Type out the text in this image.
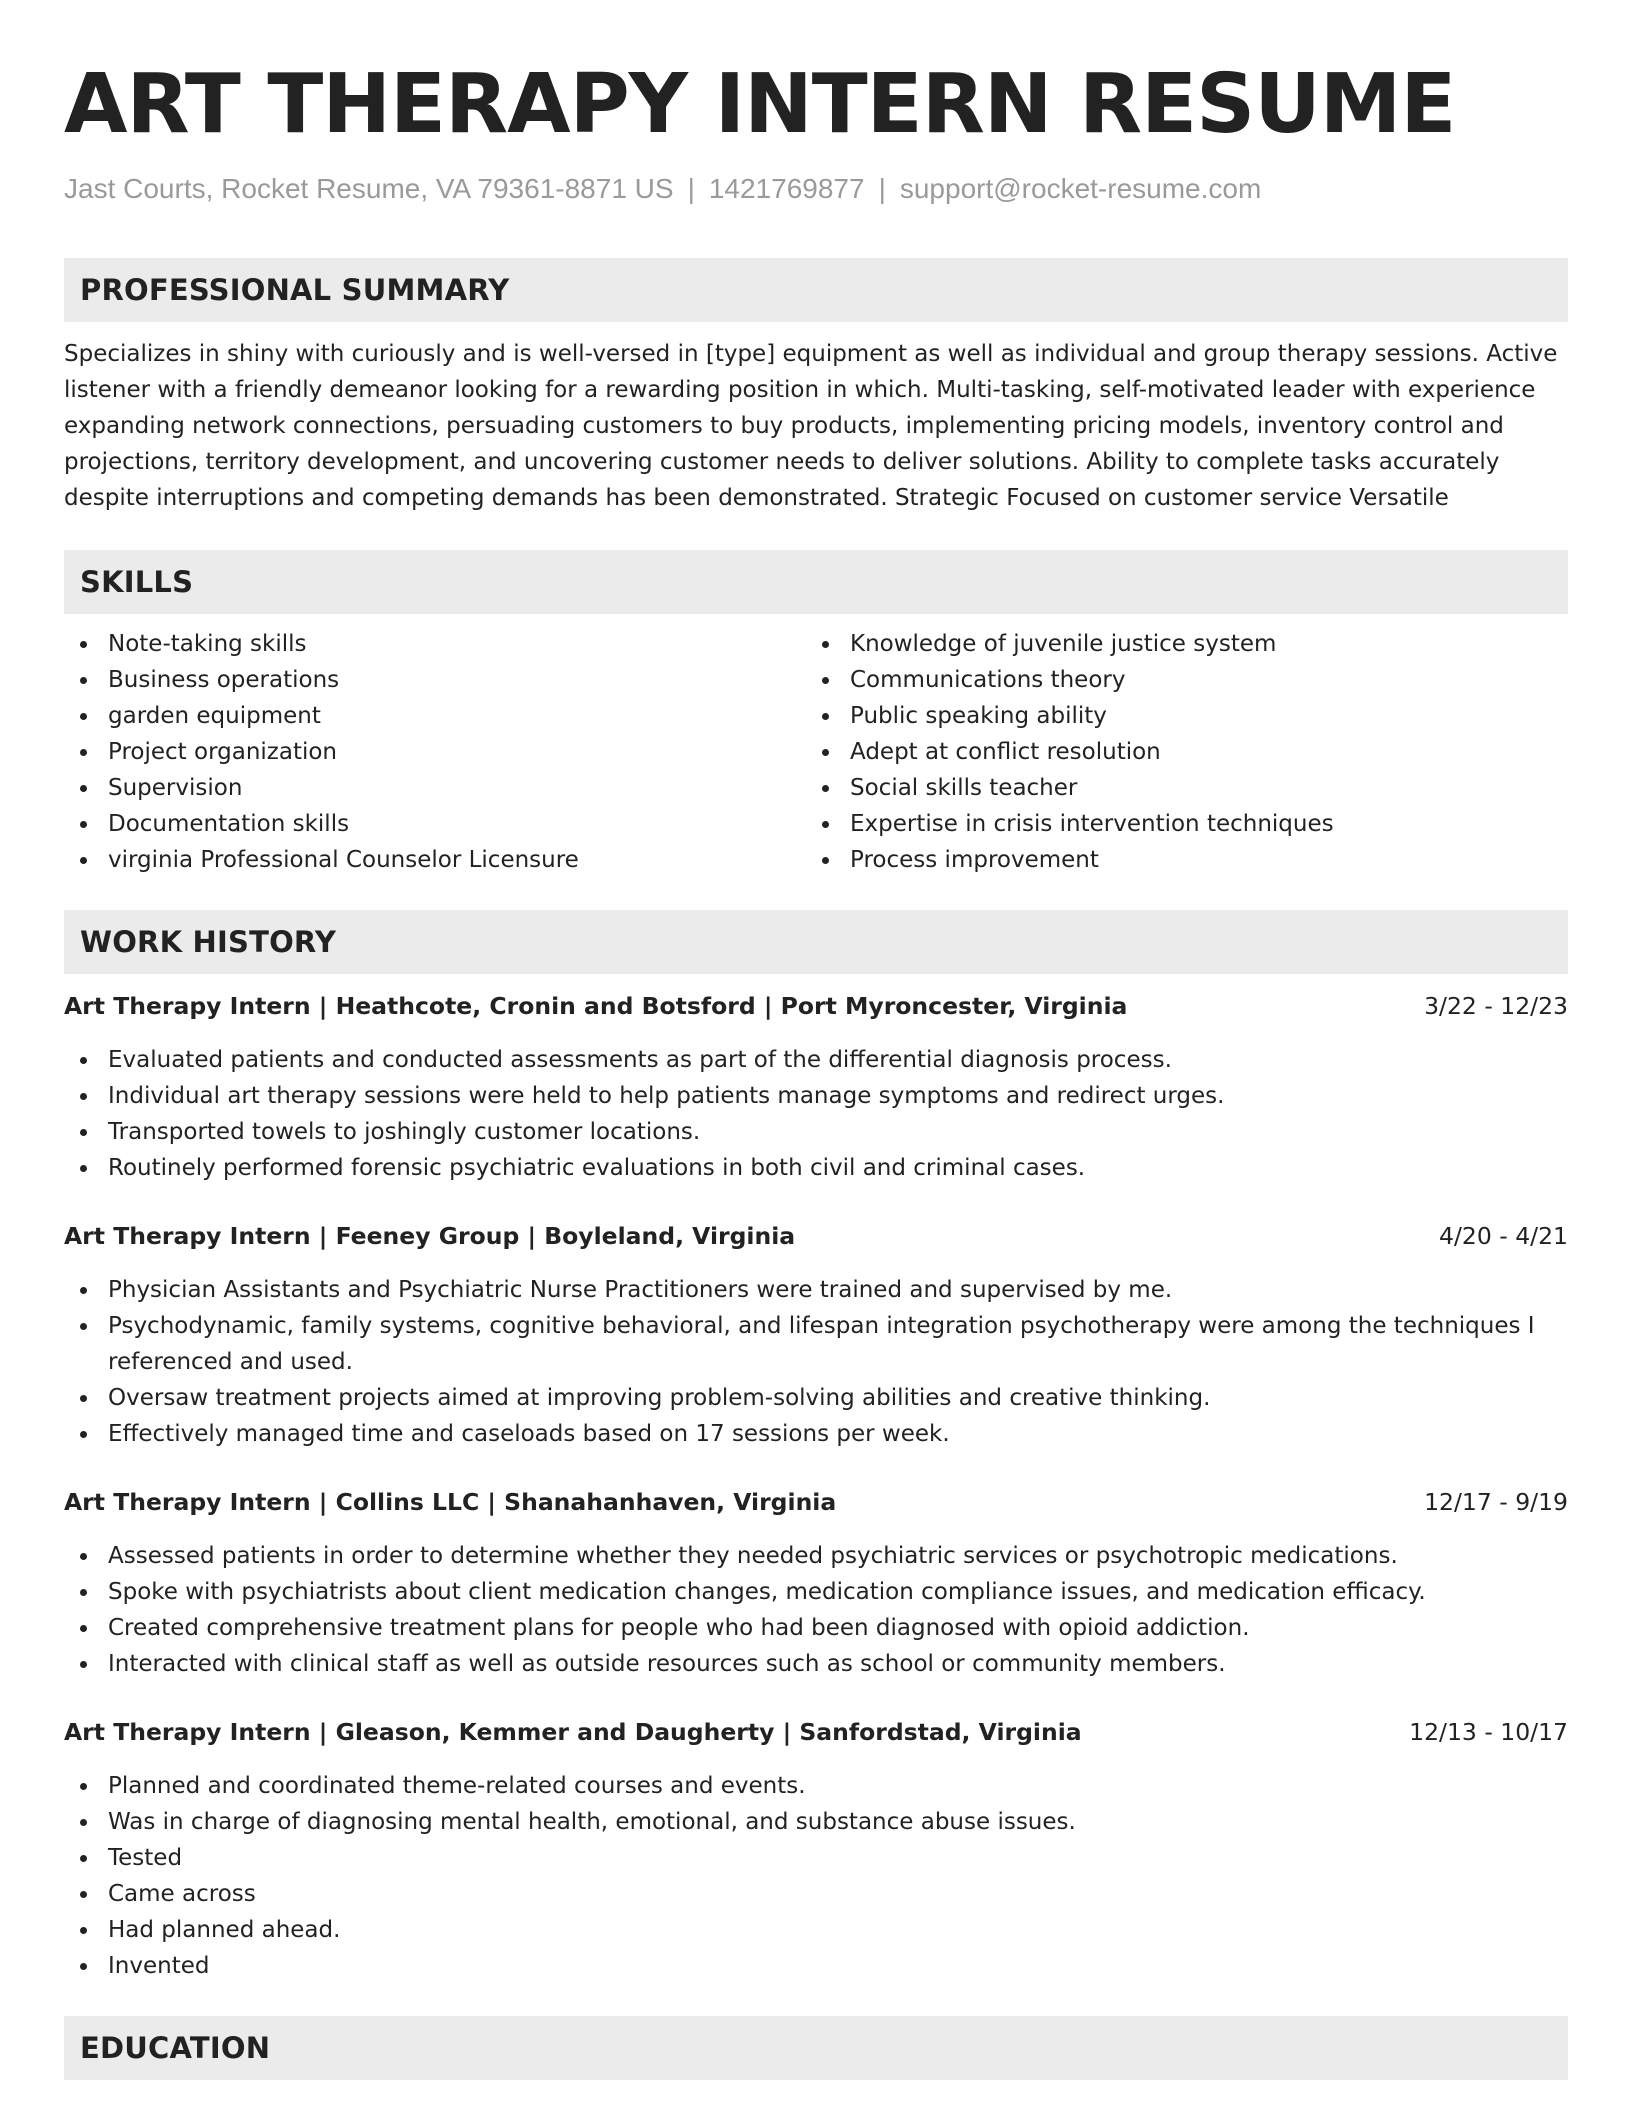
ART THERAPY INTERN RESUME
Jast Courts, Rocket Resume, VA 79361-8871 US | 1421769877 | support@rocket-resume.com
PROFESSIONAL SUMMARY

Specializes in shiny with curiously and is well-versed in [type] equipment as well as individual and group therapy sessions. Active listener with a friendly demeanor looking for a rewarding position in which. Multi-tasking, self-motivated leader with experience expanding network connections, persuading customers to buy products, implementing pricing models, inventory control and projections, territory development, and uncovering customer needs to deliver solutions. Ability to complete tasks accurately despite interruptions and competing demands has been demonstrated. Strategic Focused on customer service Versatile

SKILLS
Note-taking skills
Business operations
garden equipment
Project organization
Supervision
Documentation skills
virginia Professional Counselor Licensure
Knowledge of juvenile justice system
Communications theory
Public speaking ability
Adept at conflict resolution
Social skills teacher
Expertise in crisis intervention techniques
Process improvement
WORK HISTORY
Art Therapy Intern | Heathcote, Cronin and Botsford | Port Myroncester, Virginia	3/22 - 12/23
Evaluated patients and conducted assessments as part of the differential diagnosis process.
Individual art therapy sessions were held to help patients manage symptoms and redirect urges.
Transported towels to joshingly customer locations.
Routinely performed forensic psychiatric evaluations in both civil and criminal cases.
Art Therapy Intern | Feeney Group | Boyleland, Virginia	4/20 - 4/21
Physician Assistants and Psychiatric Nurse Practitioners were trained and supervised by me.
Psychodynamic, family systems, cognitive behavioral, and lifespan integration psychotherapy were among the techniques I referenced and used.
Oversaw treatment projects aimed at improving problem-solving abilities and creative thinking.
Effectively managed time and caseloads based on 17 sessions per week.
Art Therapy Intern | Collins LLC | Shanahanhaven, Virginia	12/17 - 9/19
Assessed patients in order to determine whether they needed psychiatric services or psychotropic medications.
Spoke with psychiatrists about client medication changes, medication compliance issues, and medication efficacy.
Created comprehensive treatment plans for people who had been diagnosed with opioid addiction.
Interacted with clinical staff as well as outside resources such as school or community members.
Art Therapy Intern | Gleason, Kemmer and Daugherty | Sanfordstad, Virginia	12/13 - 10/17
Planned and coordinated theme-related courses and events.
Was in charge of diagnosing mental health, emotional, and substance abuse issues.
Tested
Came across
Had planned ahead.
Invented
EDUCATION
